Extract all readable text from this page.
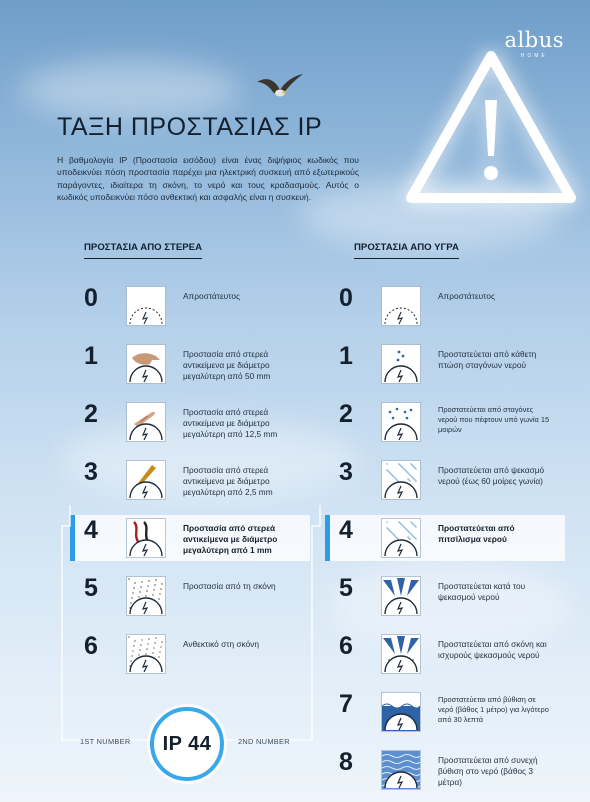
albus
HOME
ΤΑΞΗ ΠΡΟΣΤΑΣΙΑΣ IP
Η βαθμολογία IP (Προστασία εισόδου) είναι ένας διψήφιος κωδικός που υποδεικνύει πόση προστασία παρέχει μια ηλεκτρική συσκευή από εξωτερικούς παράγοντες, ιδιαίτερα τη σκόνη, το νερό και τους κραδασμούς. Αυτός ο κωδικός υποδεικνύει πόσο ανθεκτική και ασφαλής είναι η συσκευή.
ΠΡΟΣΤΑΣΙΑ ΑΠΟ ΣΤΕΡΕΑ	ΠΡΟΣΤΑΣΙΑ ΑΠΟ ΥΓΡΑ
0	Απροστάτευτος
1	Προστασία από στερεά αντικείμενα με διάμετρο μεγαλύτερη από 50 mm
2	Προστασία από στερεά αντικείμενα με διάμετρο μεγαλύτερη από 12,5 mm
3	Προστασία από στερεά αντικείμενα με διάμετρο μεγαλύτερη από 2,5 mm
4	Προστασία από στερεά αντικείμενα με διάμετρο μεγαλύτερη από 1 mm
5	Προστασία από τη σκόνη
6	Ανθεκτικό στη σκόνη
0	Απροστάτευτος
1	Προστατεύεται από κάθετη πτώση σταγόνων νερού
2	Προστατεύεται από σταγόνες νερού που πέφτουν υπό γωνία 15 μοιρών
3	Προστατεύεται από ψεκασμό νερού (έως 60 μοίρες γωνία)
4	Προστατεύεται από πιτσίλισμα νερού
5	Προστατεύεται κατά του ψεκασμού νερού
6	Προστατεύεται από σκόνη και ισχυρούς ψεκασμούς νερού
7	Προστατεύεται από βύθιση σε νερό (βάθος 1 μέτρο) για λιγότερο από 30 λεπτά
8	Προστατεύεται από συνεχή βύθιση στο νερό (βάθος 3 μέτρα)
1ST NUMBER	2ND NUMBER
IP 44
